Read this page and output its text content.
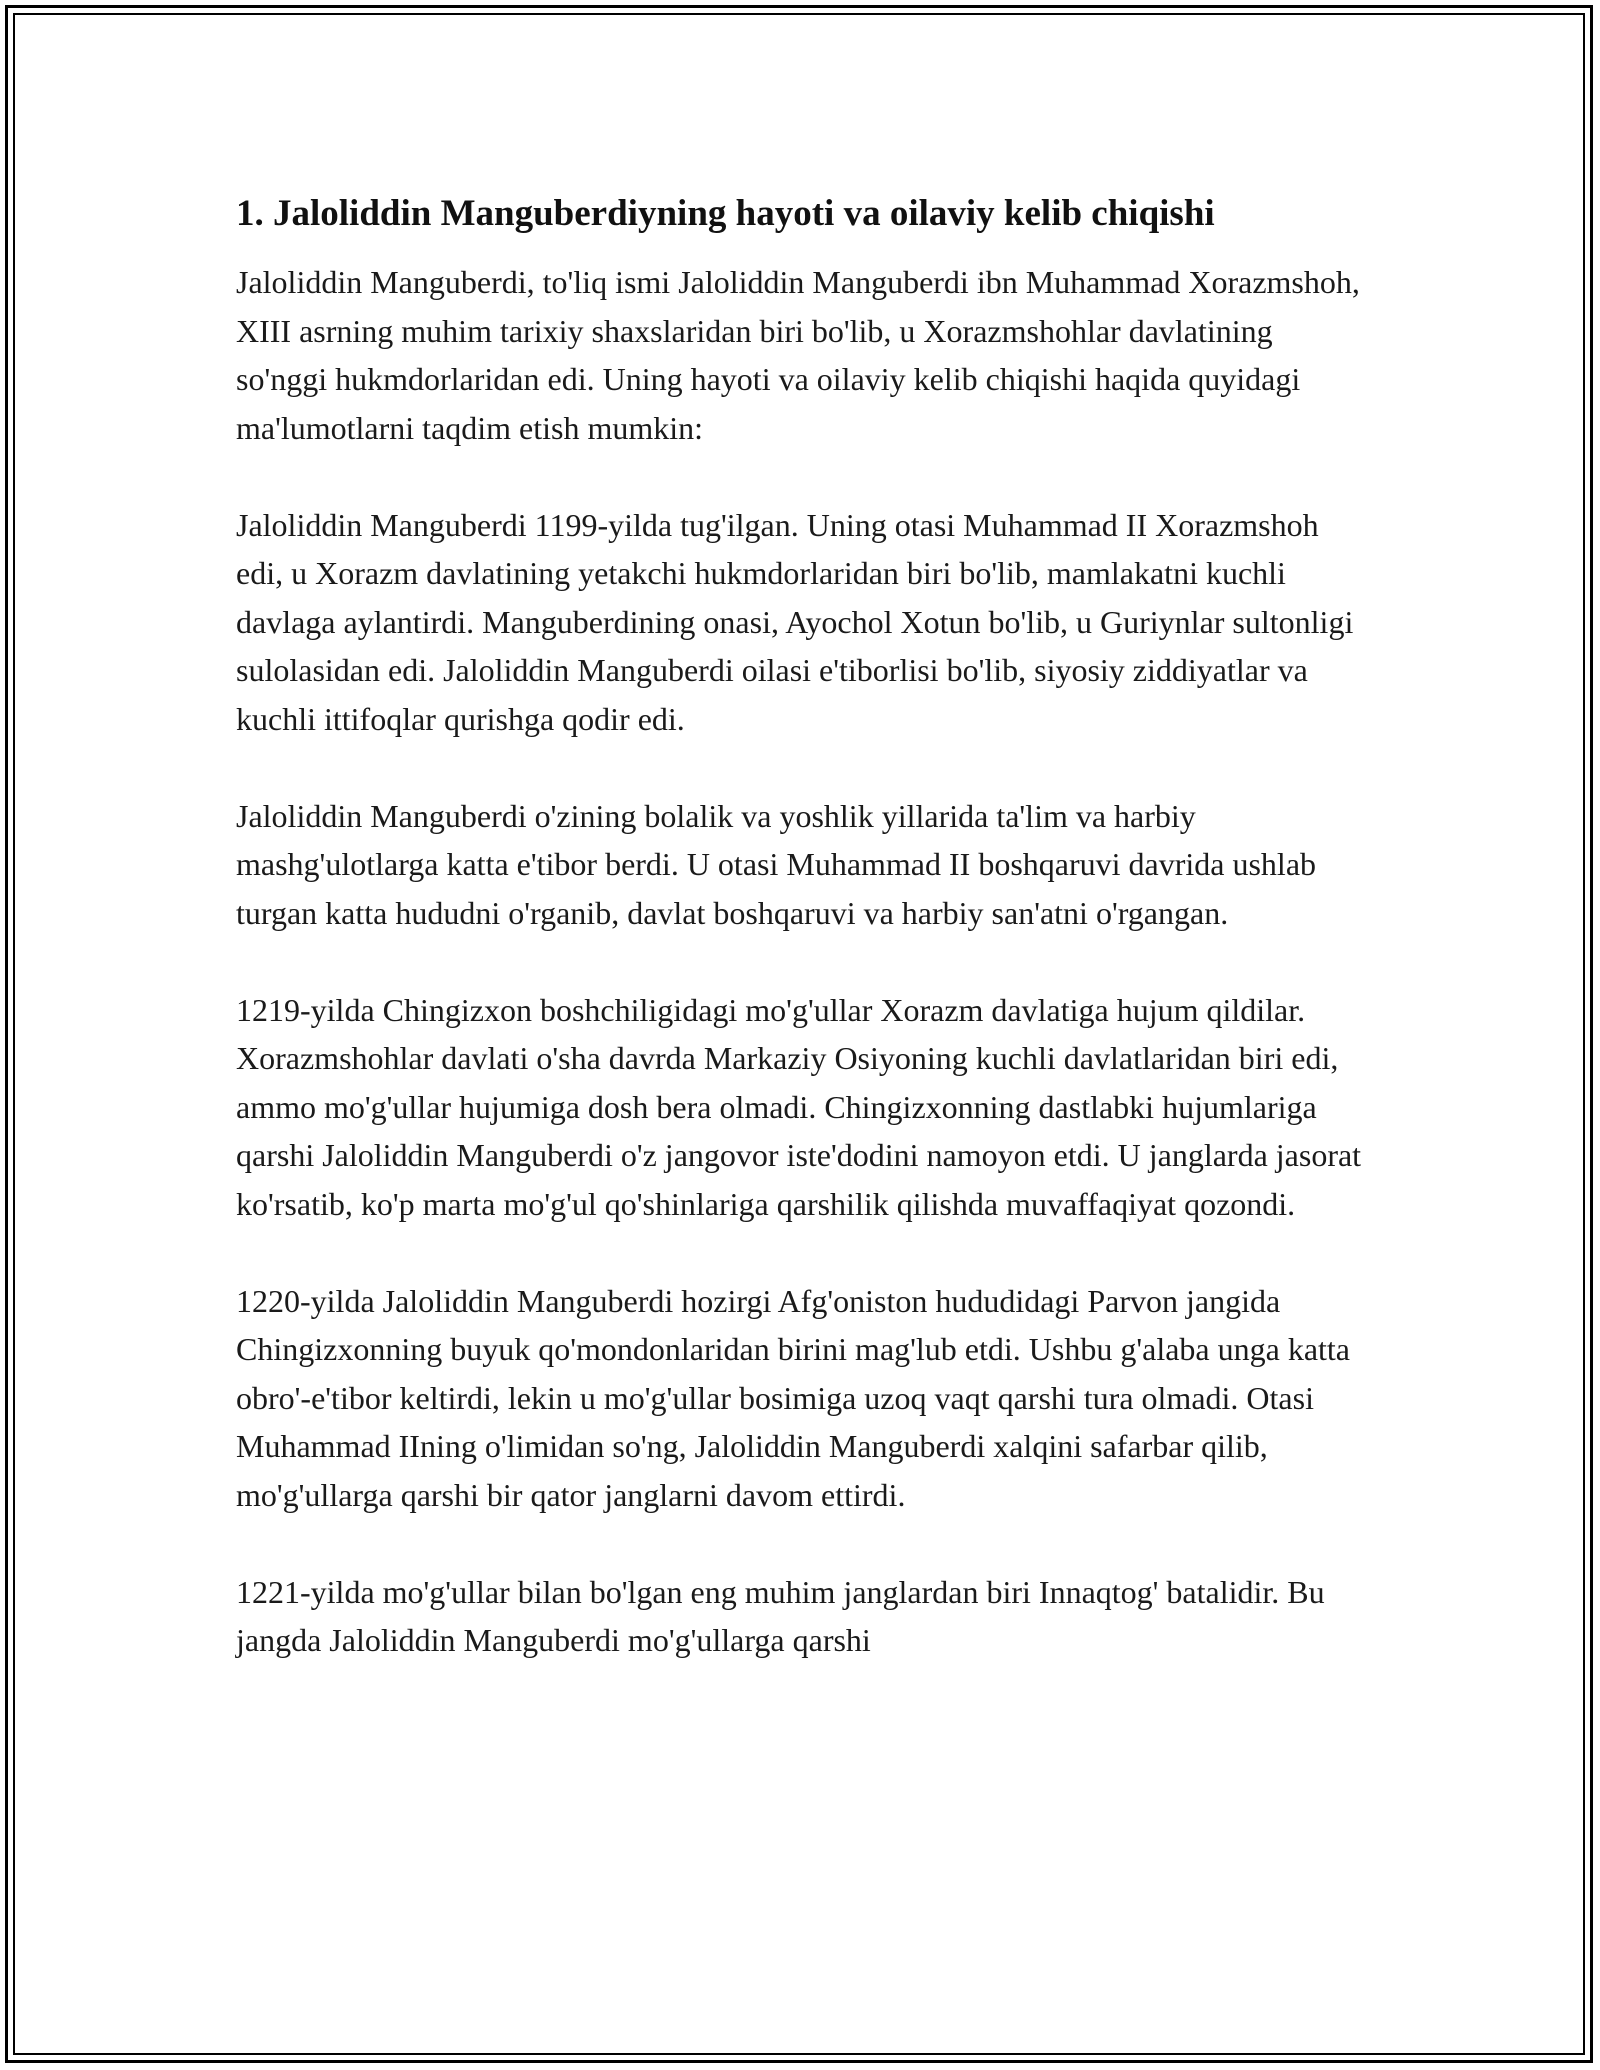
1. Jaloliddin Manguberdiyning hayoti va oilaviy kelib chiqishi

Jaloliddin Manguberdi, to'liq ismi Jaloliddin Manguberdi ibn Muhammad Xorazmshoh, XIII asrning muhim tarixiy shaxslaridan biri bo'lib, u Xorazmshohlar davlatining so'nggi hukmdorlaridan edi. Uning hayoti va oilaviy kelib chiqishi haqida quyidagi ma'lumotlarni taqdim etish mumkin:

Jaloliddin Manguberdi 1199-yilda tug'ilgan. Uning otasi Muhammad II Xorazmshoh edi, u Xorazm davlatining yetakchi hukmdorlaridan biri bo'lib, mamlakatni kuchli davlaga aylantirdi. Manguberdining onasi, Ayochol Xotun bo'lib, u Guriynlar sultonligi sulolasidan edi. Jaloliddin Manguberdi oilasi e'tiborlisi bo'lib, siyosiy ziddiyatlar va kuchli ittifoqlar qurishga qodir edi.

Jaloliddin Manguberdi o'zining bolalik va yoshlik yillarida ta'lim va harbiy mashg'ulotlarga katta e'tibor berdi. U otasi Muhammad II boshqaruvi davrida ushlab turgan katta hududni o'rganib, davlat boshqaruvi va harbiy san'atni o'rgangan.

1219-yilda Chingizxon boshchiligidagi mo'g'ullar Xorazm davlatiga hujum qildilar. Xorazmshohlar davlati o'sha davrda Markaziy Osiyoning kuchli davlatlaridan biri edi, ammo mo'g'ullar hujumiga dosh bera olmadi. Chingizxonning dastlabki hujumlariga qarshi Jaloliddin Manguberdi o'z jangovor iste'dodini namoyon etdi. U janglarda jasorat ko'rsatib, ko'p marta mo'g'ul qo'shinlariga qarshilik qilishda muvaffaqiyat qozondi.

1220-yilda Jaloliddin Manguberdi hozirgi Afg'oniston hududidagi Parvon jangida Chingizxonning buyuk qo'mondonlaridan birini mag'lub etdi. Ushbu g'alaba unga katta obro'-e'tibor keltirdi, lekin u mo'g'ullar bosimiga uzoq vaqt qarshi tura olmadi. Otasi Muhammad IIning o'limidan so'ng, Jaloliddin Manguberdi xalqini safarbar qilib, mo'g'ullarga qarshi bir qator janglarni davom ettirdi.

1221-yilda mo'g'ullar bilan bo'lgan eng muhim janglardan biri Innaqtog' batalidir. Bu jangda Jaloliddin Manguberdi mo'g'ullarga qarshi
